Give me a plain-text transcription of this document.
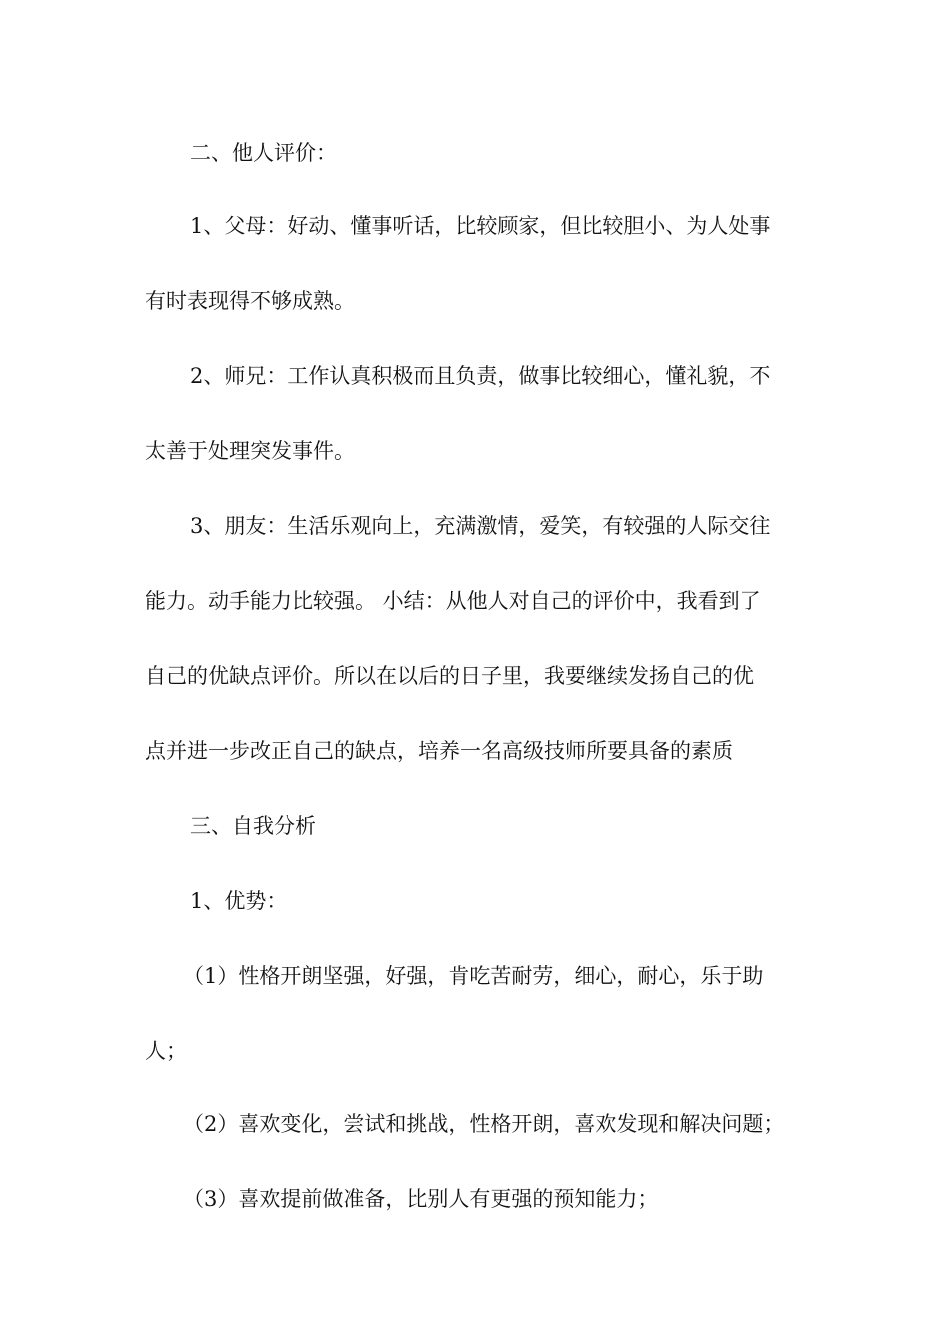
二、他人评价：
1、父母：好动、懂事听话，比较顾家，但比较胆小、为人处事
有时表现得不够成熟。
2、师兄：工作认真积极而且负责，做事比较细心，懂礼貌，不
太善于处理突发事件。
3、朋友：生活乐观向上，充满激情，爱笑，有较强的人际交往
能力。动手能力比较强。 小结：从他人对自己的评价中，我看到了
自己的优缺点评价。所以在以后的日子里，我要继续发扬自己的优
点并进一步改正自己的缺点，培养一名高级技师所要具备的素质
三、自我分析
1、优势：
（1）性格开朗坚强，好强，肯吃苦耐劳，细心，耐心，乐于助
人；
（2）喜欢变化，尝试和挑战，性格开朗，喜欢发现和解决问题；
（3）喜欢提前做准备，比别人有更强的预知能力；
